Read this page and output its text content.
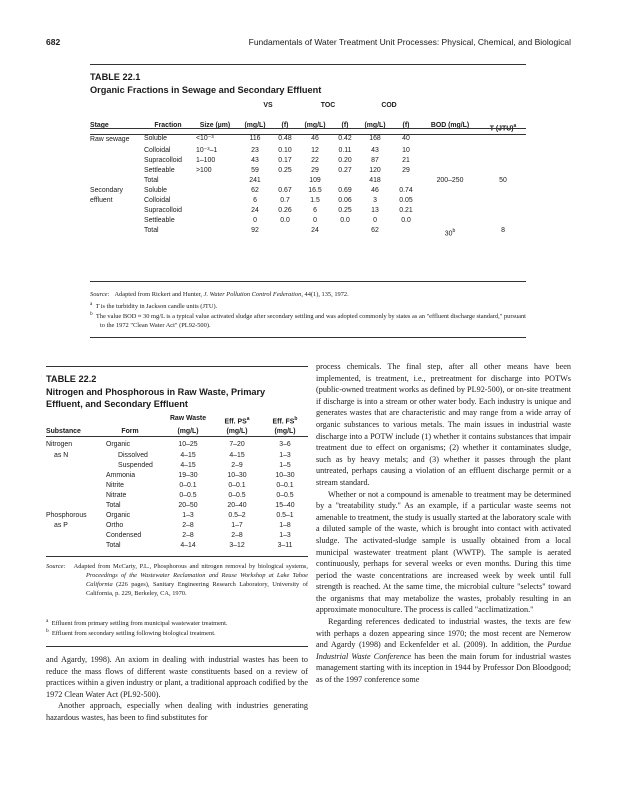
682	Fundamentals of Water Treatment Unit Processes: Physical, Chemical, and Biological
TABLE 22.1
Organic Fractions in Sewage and Secondary Effluent
			VS		TOC		COD			
Stage	Fraction	Size (µm)	(mg/L)	(f)	(mg/L)	(f)	(mg/L)	(f)	BOD (mg/L)	T (JTU)$^a$
Raw sewage	Soluble	<10⁻³	116	0.48	46	0.42	168	40		
	Colloidal	10⁻³–1	23	0.10	12	0.11	43	10		
	Supracolloid	1–100	43	0.17	22	0.20	87	21		
	Settleable	>100	59	0.25	29	0.27	120	29		
	Total		241		109		418		200–250	50
Secondary	Soluble		62	0.67	16.5	0.69	46	0.74		
effluent	Colloidal		6	0.7	1.5	0.06	3	0.05		
	Supracolloid		24	0.26	6	0.25	13	0.21		
	Settleable		0	0.0	0	0.0	0	0.0		
	Total		92		24		62		30$^b$	8
Source: Adapted from Rickert and Hunter, J. Water Pollution Control Federation, 44(1), 135, 1972.
$^a$ T is the turbidity in Jackson candle units (JTU).
$^b$ The value BOD ≈ 30 mg/L is a typical value activated sludge after secondary settling and was adopted commonly by states as an "effluent discharge standard," pursuant to the 1972 "Clean Water Act" (PL92-500).
TABLE 22.2
Nitrogen and Phosphorous in Raw Waste, Primary
Effluent, and Secondary Effluent
		Raw Waste	Eff. $PS^a$	Eff. $FS^b$
Substance	Form	(mg/L)	(mg/L)	(mg/L)
Nitrogen	Organic	10–25	7–20	3–6
as N	Dissolved	4–15	4–15	1–3
	Suspended	4–15	2–9	1–5
	Ammonia	19–30	10–30	10–30
	Nitrite	0–0.1	0–0.1	0–0.1
	Nitrate	0–0.5	0–0.5	0–0.5
	Total	20–50	20–40	15–40
Phosphorous	Organic	1–3	0.5–2	0.5–1
as P	Ortho	2–8	1–7	1–8
	Condensed	2–8	2–8	1–3
	Total	4–14	3–12	3–11
Source: Adapted from McCarty, P.L., Phosphorous and nitrogen removal by biological systems, Proceedings of the Wastewater Reclamation and Reuse Workshop at Lake Tahoe California (226 pages), Sanitary Engineering Research Laboratory, University of California, p. 229, Berkeley, CA, 1970.
$^a$ Effluent from primary settling from municipal wastewater treatment.
$^b$ Effluent from secondary settling following biological treatment.

and Agardy, 1998). An axiom in dealing with industrial wastes has been to reduce the mass flows of different waste constituents based on a review of practices within a given industry or plant, a traditional approach codified by the 1972 Clean Water Act (PL92-500).

Another approach, especially when dealing with industries generating hazardous wastes, has been to find substitutes for

process chemicals. The final step, after all other means have been implemented, is treatment, i.e., pretreatment for discharge into POTWs (public-owned treatment works as defined by PL92-500), or on-site treatment if discharge is into a stream or other water body. Each industry is unique and generates wastes that are characteristic and may range from a wide array of organic substances to various metals. The main issues in industrial waste discharge into a POTW include (1) whether it contains substances that impair treatment due to effect on organisms; (2) whether it contaminates sludge, such as by heavy metals; and (3) whether it passes through the plant untreated, perhaps causing a violation of an effluent discharge permit or a stream standard.

Whether or not a compound is amenable to treatment may be determined by a "treatability study." As an example, if a particular waste seems not amenable to treatment, the study is usually started at the laboratory scale with a diluted sample of the waste, which is brought into contact with activated sludge. The activated-sludge sample is usually obtained from a local municipal wastewater treatment plant (WWTP). The sample is aerated continuously, perhaps for several weeks or even months. During this time period the waste concentrations are increased week by week until full strength is reached. At the same time, the microbial culture "selects" toward the organisms that may metabolize the wastes, probably resulting in an approximate monoculture. The process is called "acclimatization."

Regarding references dedicated to industrial wastes, the texts are few with perhaps a dozen appearing since 1970; the most recent are Nemerow and Agardy (1998) and Eckenfelder et al. (2009). In addition, the Purdue Industrial Waste Conference has been the main forum for industrial wastes management starting with its inception in 1944 by Professor Don Bloodgood; as of the 1997 conference some
